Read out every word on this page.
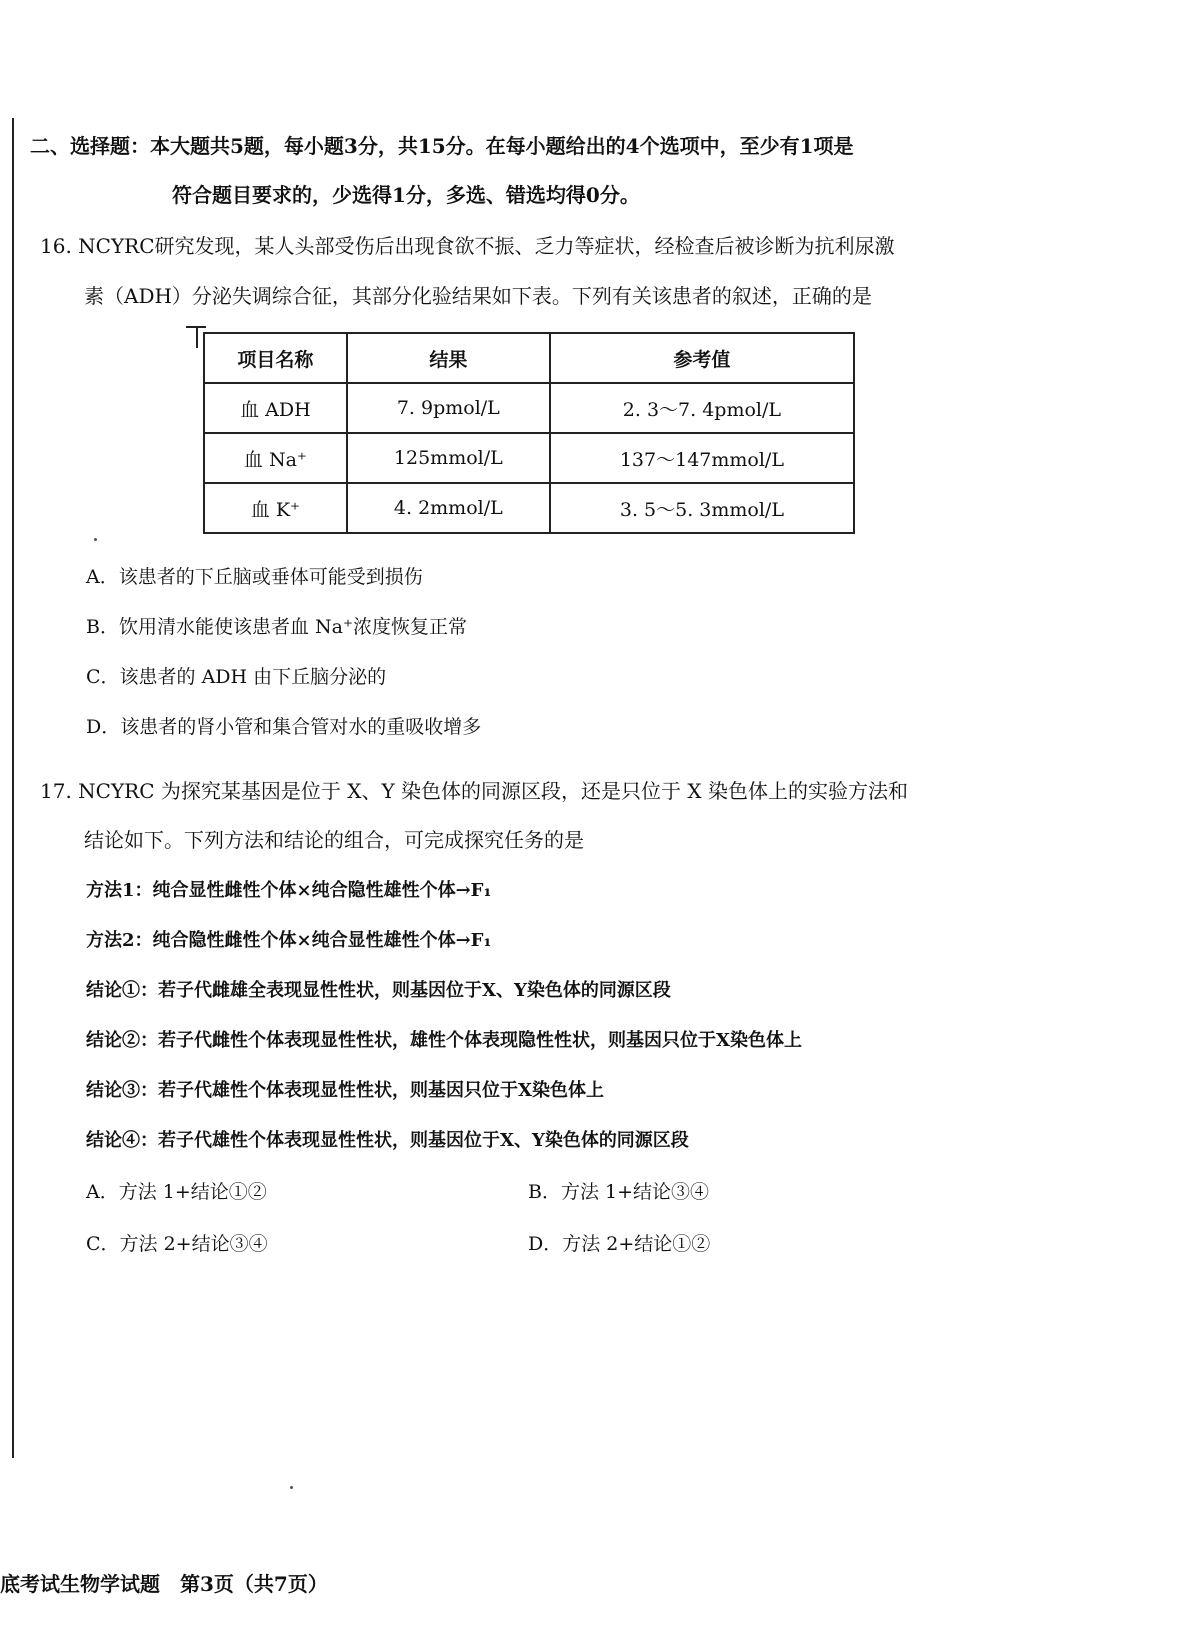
二、选择题：本大题共5题，每小题3分，共15分。在每小题给出的4个选项中，至少有1项是
符合题目要求的，少选得1分，多选、错选均得0分。
16. NCYRC研究发现，某人头部受伤后出现食欲不振、乏力等症状，经检查后被诊断为抗利尿激
素（ADH）分泌失调综合征，其部分化验结果如下表。下列有关该患者的叙述，正确的是
项目名称	结果	参考值
血 ADH	7. 9pmol/L	2. 3～7. 4pmol/L
血 Na⁺	125mmol/L	137～147mmol/L
血 K⁺	4. 2mmol/L	3. 5～5. 3mmol/L
A．该患者的下丘脑或垂体可能受到损伤
B．饮用清水能使该患者血 Na⁺浓度恢复正常
C．该患者的 ADH 由下丘脑分泌的
D．该患者的肾小管和集合管对水的重吸收增多
17. NCYRC 为探究某基因是位于 X、Y 染色体的同源区段，还是只位于 X 染色体上的实验方法和
结论如下。下列方法和结论的组合，可完成探究任务的是
方法1：纯合显性雌性个体×纯合隐性雄性个体→F₁
方法2：纯合隐性雌性个体×纯合显性雄性个体→F₁
结论①：若子代雌雄全表现显性性状，则基因位于X、Y染色体的同源区段
结论②：若子代雌性个体表现显性性状，雄性个体表现隐性性状，则基因只位于X染色体上
结论③：若子代雄性个体表现显性性状，则基因只位于X染色体上
结论④：若子代雄性个体表现显性性状，则基因位于X、Y染色体的同源区段
A．方法 1+结论①②	B．方法 1+结论③④
C．方法 2+结论③④	D．方法 2+结论①②
底考试生物学试题　第3页（共7页）
